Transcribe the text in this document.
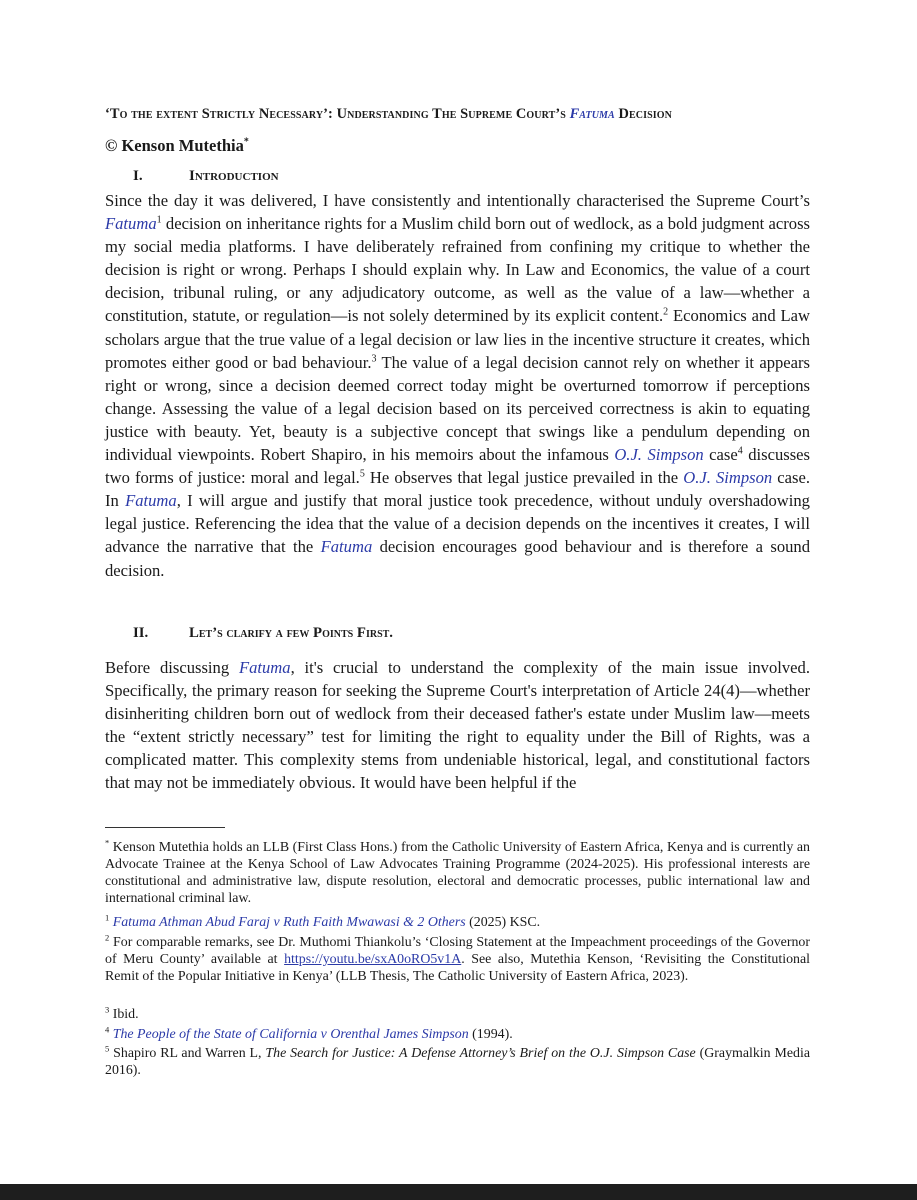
‘To the extent Strictly Necessary’: Understanding The Supreme Court’s Fatuma Decision
© Kenson Mutethia*
I.	Introduction
Since the day it was delivered, I have consistently and intentionally characterised the Supreme Court’s Fatuma$^1$ decision on inheritance rights for a Muslim child born out of wedlock, as a bold judgment across my social media platforms. I have deliberately refrained from confining my critique to whether the decision is right or wrong. Perhaps I should explain why. In Law and Economics, the value of a court decision, tribunal ruling, or any adjudicatory outcome, as well as the value of a law—whether a constitution, statute, or regulation—is not solely determined by its explicit content.$^2$ Economics and Law scholars argue that the true value of a legal decision or law lies in the incentive structure it creates, which promotes either good or bad behaviour.$^3$ The value of a legal decision cannot rely on whether it appears right or wrong, since a decision deemed correct today might be overturned tomorrow if perceptions change. Assessing the value of a legal decision based on its perceived correctness is akin to equating justice with beauty. Yet, beauty is a subjective concept that swings like a pendulum depending on individual viewpoints. Robert Shapiro, in his memoirs about the infamous O.J. Simpson case$^4$ discusses two forms of justice: moral and legal.$^5$ He observes that legal justice prevailed in the O.J. Simpson case. In Fatuma, I will argue and justify that moral justice took precedence, without unduly overshadowing legal justice. Referencing the idea that the value of a decision depends on the incentives it creates, I will advance the narrative that the Fatuma decision encourages good behaviour and is therefore a sound decision.
II.	Let’s clarify a few Points First.
Before discussing Fatuma, it's crucial to understand the complexity of the main issue involved. Specifically, the primary reason for seeking the Supreme Court's interpretation of Article 24(4)—whether disinheriting children born out of wedlock from their deceased father's estate under Muslim law—meets the “extent strictly necessary” test for limiting the right to equality under the Bill of Rights, was a complicated matter. This complexity stems from undeniable historical, legal, and constitutional factors that may not be immediately obvious. It would have been helpful if the
* Kenson Mutethia holds an LLB (First Class Hons.) from the Catholic University of Eastern Africa, Kenya and is currently an Advocate Trainee at the Kenya School of Law Advocates Training Programme (2024-2025). His professional interests are constitutional and administrative law, dispute resolution, electoral and democratic processes, public international law and international criminal law.
$^1$ Fatuma Athman Abud Faraj v Ruth Faith Mwawasi & 2 Others (2025) KSC.
$^2$ For comparable remarks, see Dr. Muthomi Thiankolu’s ‘Closing Statement at the Impeachment proceedings of the Governor of Meru County’ available at https://youtu.be/sxA0oRO5v1A. See also, Mutethia Kenson, ‘Revisiting the Constitutional Remit of the Popular Initiative in Kenya’ (LLB Thesis, The Catholic University of Eastern Africa, 2023).
$^3$ Ibid.
$^4$ The People of the State of California v Orenthal James Simpson (1994).
$^5$ Shapiro RL and Warren L, The Search for Justice: A Defense Attorney’s Brief on the O.J. Simpson Case (Graymalkin Media 2016).
